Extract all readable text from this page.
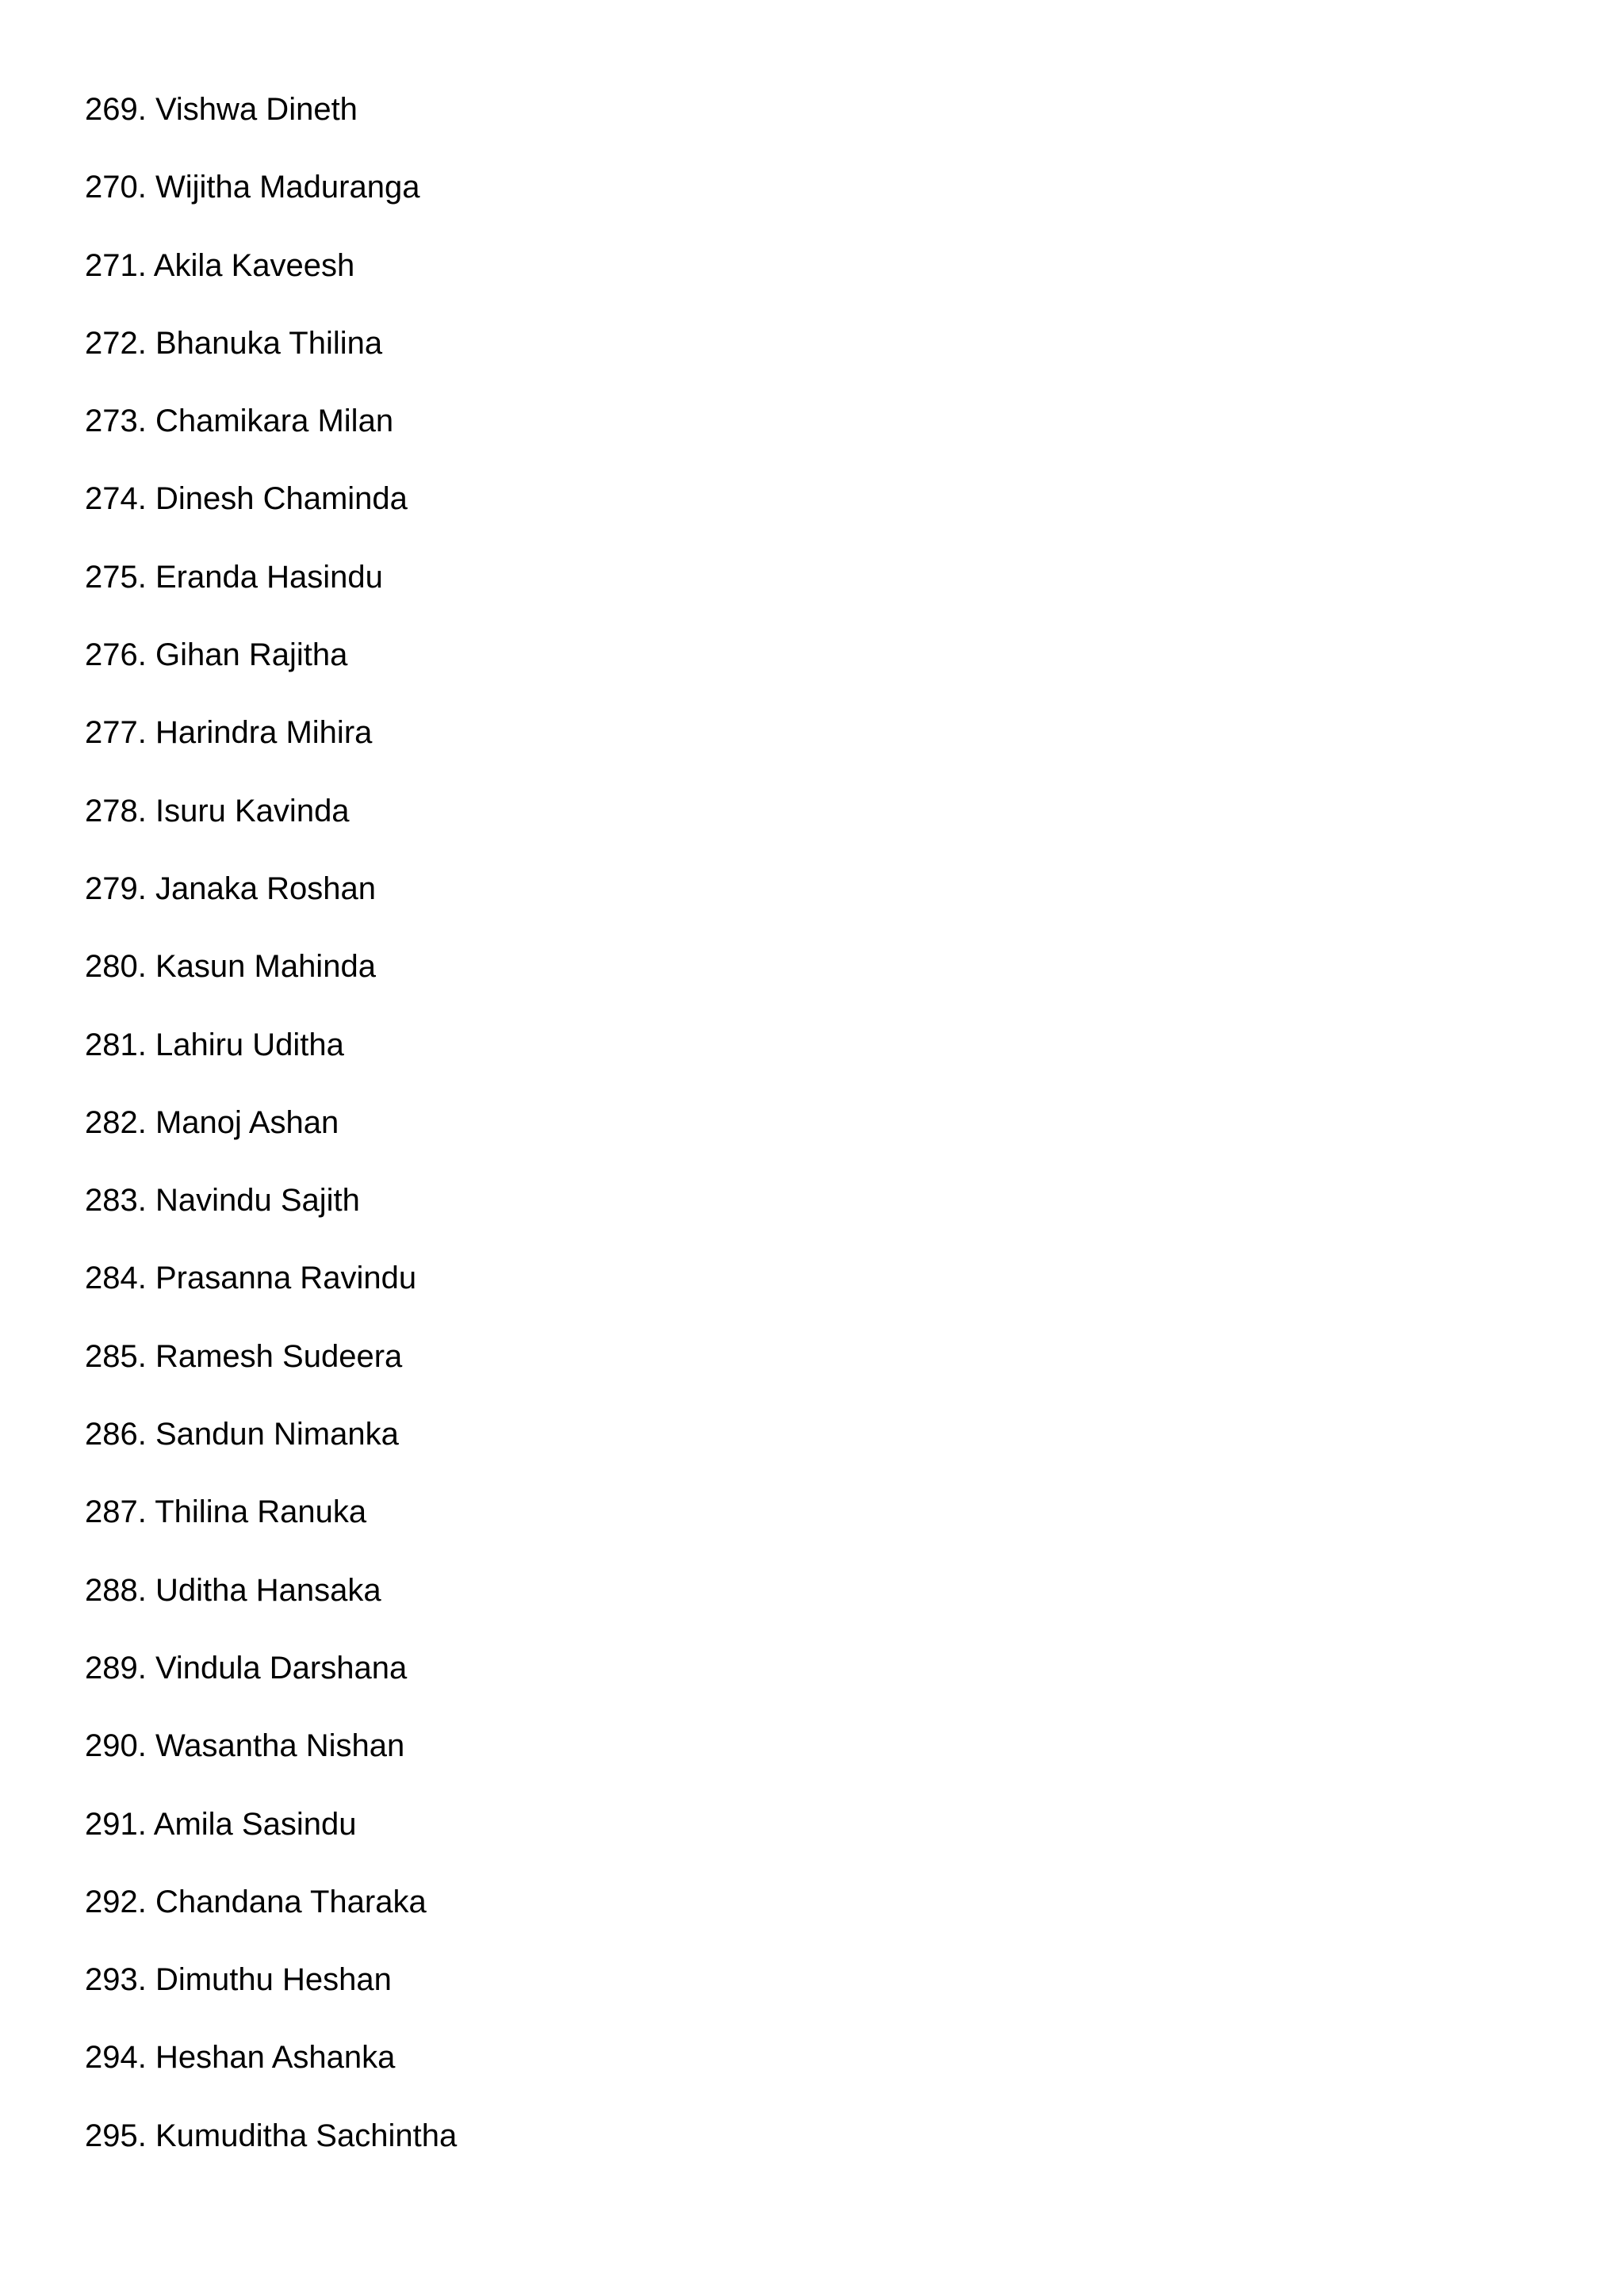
269. Vishwa Dineth
270. Wijitha Maduranga
271. Akila Kaveesh
272. Bhanuka Thilina
273. Chamikara Milan
274. Dinesh Chaminda
275. Eranda Hasindu
276. Gihan Rajitha
277. Harindra Mihira
278. Isuru Kavinda
279. Janaka Roshan
280. Kasun Mahinda
281. Lahiru Uditha
282. Manoj Ashan
283. Navindu Sajith
284. Prasanna Ravindu
285. Ramesh Sudeera
286. Sandun Nimanka
287. Thilina Ranuka
288. Uditha Hansaka
289. Vindula Darshana
290. Wasantha Nishan
291. Amila Sasindu
292. Chandana Tharaka
293. Dimuthu Heshan
294. Heshan Ashanka
295. Kumuditha Sachintha
